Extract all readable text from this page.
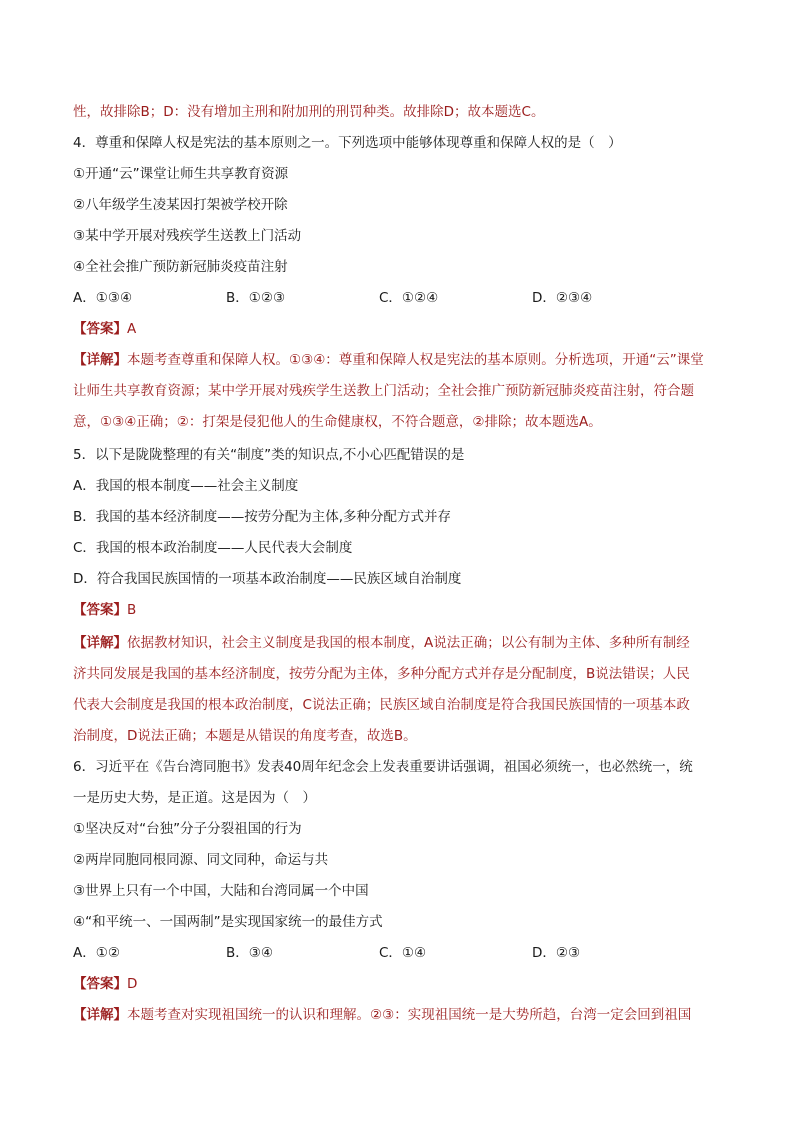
性，故排除B；D：没有增加主刑和附加刑的刑罚种类。故排除D；故本题选C。
4．尊重和保障人权是宪法的基本原则之一。下列选项中能够体现尊重和保障人权的是（　）
①开通“云”课堂让师生共享教育资源
②八年级学生凌某因打架被学校开除
③某中学开展对残疾学生送教上门活动
④全社会推广预防新冠肺炎疫苗注射
A．①③④	B．①②③	C．①②④	D．②③④
【答案】A
【详解】本题考查尊重和保障人权。①③④：尊重和保障人权是宪法的基本原则。分析选项，开通“云”课堂
让师生共享教育资源；某中学开展对残疾学生送教上门活动；全社会推广预防新冠肺炎疫苗注射，符合题
意，①③④正确；②：打架是侵犯他人的生命健康权，不符合题意，②排除；故本题选A。
5．以下是陇陇整理的有关“制度”类的知识点,不小心匹配错误的是
A．我国的根本制度——社会主义制度
B．我国的基本经济制度——按劳分配为主体,多种分配方式并存
C．我国的根本政治制度——人民代表大会制度
D．符合我国民族国情的一项基本政治制度——民族区域自治制度
【答案】B
【详解】依据教材知识，社会主义制度是我国的根本制度，A说法正确；以公有制为主体、多种所有制经
济共同发展是我国的基本经济制度，按劳分配为主体，多种分配方式并存是分配制度，B说法错误；人民
代表大会制度是我国的根本政治制度，C说法正确；民族区域自治制度是符合我国民族国情的一项基本政
治制度，D说法正确；本题是从错误的角度考查，故选B。
6．习近平在《告台湾同胞书》发表40周年纪念会上发表重要讲话强调，祖国必须统一，也必然统一，统
一是历史大势，是正道。这是因为（　）
①坚决反对“台独”分子分裂祖国的行为
②两岸同胞同根同源、同文同种，命运与共
③世界上只有一个中国，大陆和台湾同属一个中国
④“和平统一、一国两制”是实现国家统一的最佳方式
A．①②	B．③④	C．①④	D．②③
【答案】D
【详解】本题考查对实现祖国统一的认识和理解。②③：实现祖国统一是大势所趋，台湾一定会回到祖国
